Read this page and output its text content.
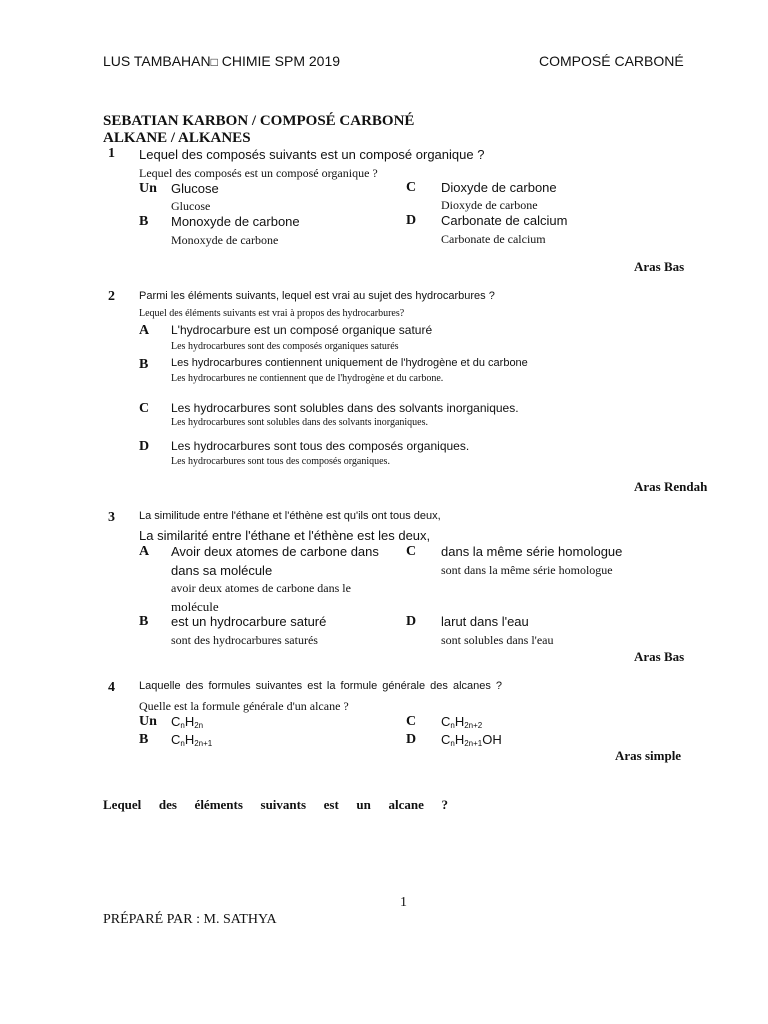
LUS TAMBAHAN□ CHIMIE SPM 2019	COMPOSÉ CARBONÉ
SEBATIAN KARBON / COMPOSÉ CARBONÉ
ALKANE / ALKANES
1 Lequel des composés suivants est un composé organique ?
Lequel des composés est un composé organique ?
Un Glucose
Glucose
B Monoxyde de carbone
Monoxyde de carbone
C Dioxyde de carbone
Dioxyde de carbone
D Carbonate de calcium
Carbonate de calcium
Aras Bas
2 Parmi les éléments suivants, lequel est vrai au sujet des hydrocarbures ?
Lequel des éléments suivants est vrai à propos des hydrocarbures?
A L'hydrocarbure est un composé organique saturé
Les hydrocarbures sont des composés organiques saturés
B Les hydrocarbures contiennent uniquement de l'hydrogène et du carbone
Les hydrocarbures ne contiennent que de l'hydrogène et du carbone.
C Les hydrocarbures sont solubles dans des solvants inorganiques.
Les hydrocarbures sont solubles dans des solvants inorganiques.
D Les hydrocarbures sont tous des composés organiques.
Les hydrocarbures sont tous des composés organiques.
Aras Rendah
3 La similitude entre l'éthane et l'éthène est qu'ils ont tous deux,
La similarité entre l'éthane et l'éthène est les deux,
A Avoir deux atomes de carbone dans
dans sa molécule
avoir deux atomes de carbone dans le
molécule
B est un hydrocarbure saturé
sont des hydrocarbures saturés
C dans la même série homologue
sont dans la même série homologue
D larut dans l'eau
sont solubles dans l'eau
Aras Bas
4 Laquelle des formules suivantes est la formule générale des alcanes ?
Quelle est la formule générale d'un alcane ?
Un $C_nH_{2n}$
B $C_nH_{2n+1}$
C $C_nH_{2n+2}$
D $C_nH_{2n+1}OH$
Aras simple
Lequel des éléments suivants est un alcane ?
1
PRÉPARÉ PAR : M. SATHYA
